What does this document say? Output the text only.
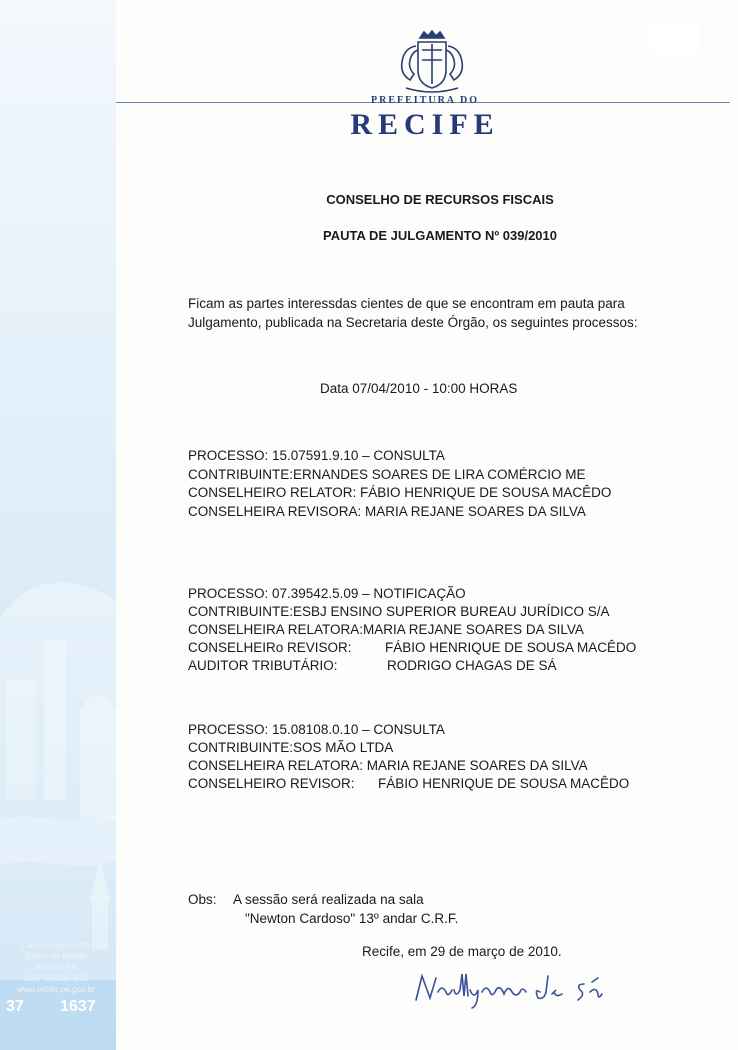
Cais do Apolo,925
Bairro do Recife
Recife - PE
CEP 50.030-903
www.recife.pe.gov.br
37 1637
PREFEITURA DO
RECIFE
CONSELHO DE RECURSOS FISCAIS
PAUTA DE JULGAMENTO Nº 039/2010
Ficam as partes interessdas cientes de que se encontram em pauta para
Julgamento, publicada na Secretaria deste Órgão, os seguintes processos:
Data 07/04/2010 - 10:00 HORAS
PROCESSO: 15.07591.9.10 – CONSULTA
CONTRIBUINTE:ERNANDES SOARES DE LIRA COMÉRCIO ME
CONSELHEIRO RELATOR: FÁBIO HENRIQUE DE SOUSA MACÊDO
CONSELHEIRA REVISORA: MARIA REJANE SOARES DA SILVA
PROCESSO: 07.39542.5.09 – NOTIFICAÇÃO
CONTRIBUINTE:ESBJ ENSINO SUPERIOR BUREAU JURÍDICO S/A
CONSELHEIRA RELATORA:MARIA REJANE SOARES DA SILVA
CONSELHEIRo REVISOR: FÁBIO HENRIQUE DE SOUSA MACÊDO
AUDITOR TRIBUTÁRIO:	RODRIGO CHAGAS DE SÁ
PROCESSO: 15.08108.0.10 – CONSULTA
CONTRIBUINTE:SOS MÃO LTDA
CONSELHEIRA RELATORA: MARIA REJANE SOARES DA SILVA
CONSELHEIRO REVISOR: FÁBIO HENRIQUE DE SOUSA MACÊDO
Obs: A sessão será realizada na sala
"Newton Cardoso" 13º andar C.R.F.
Recife, em 29 de março de 2010.
